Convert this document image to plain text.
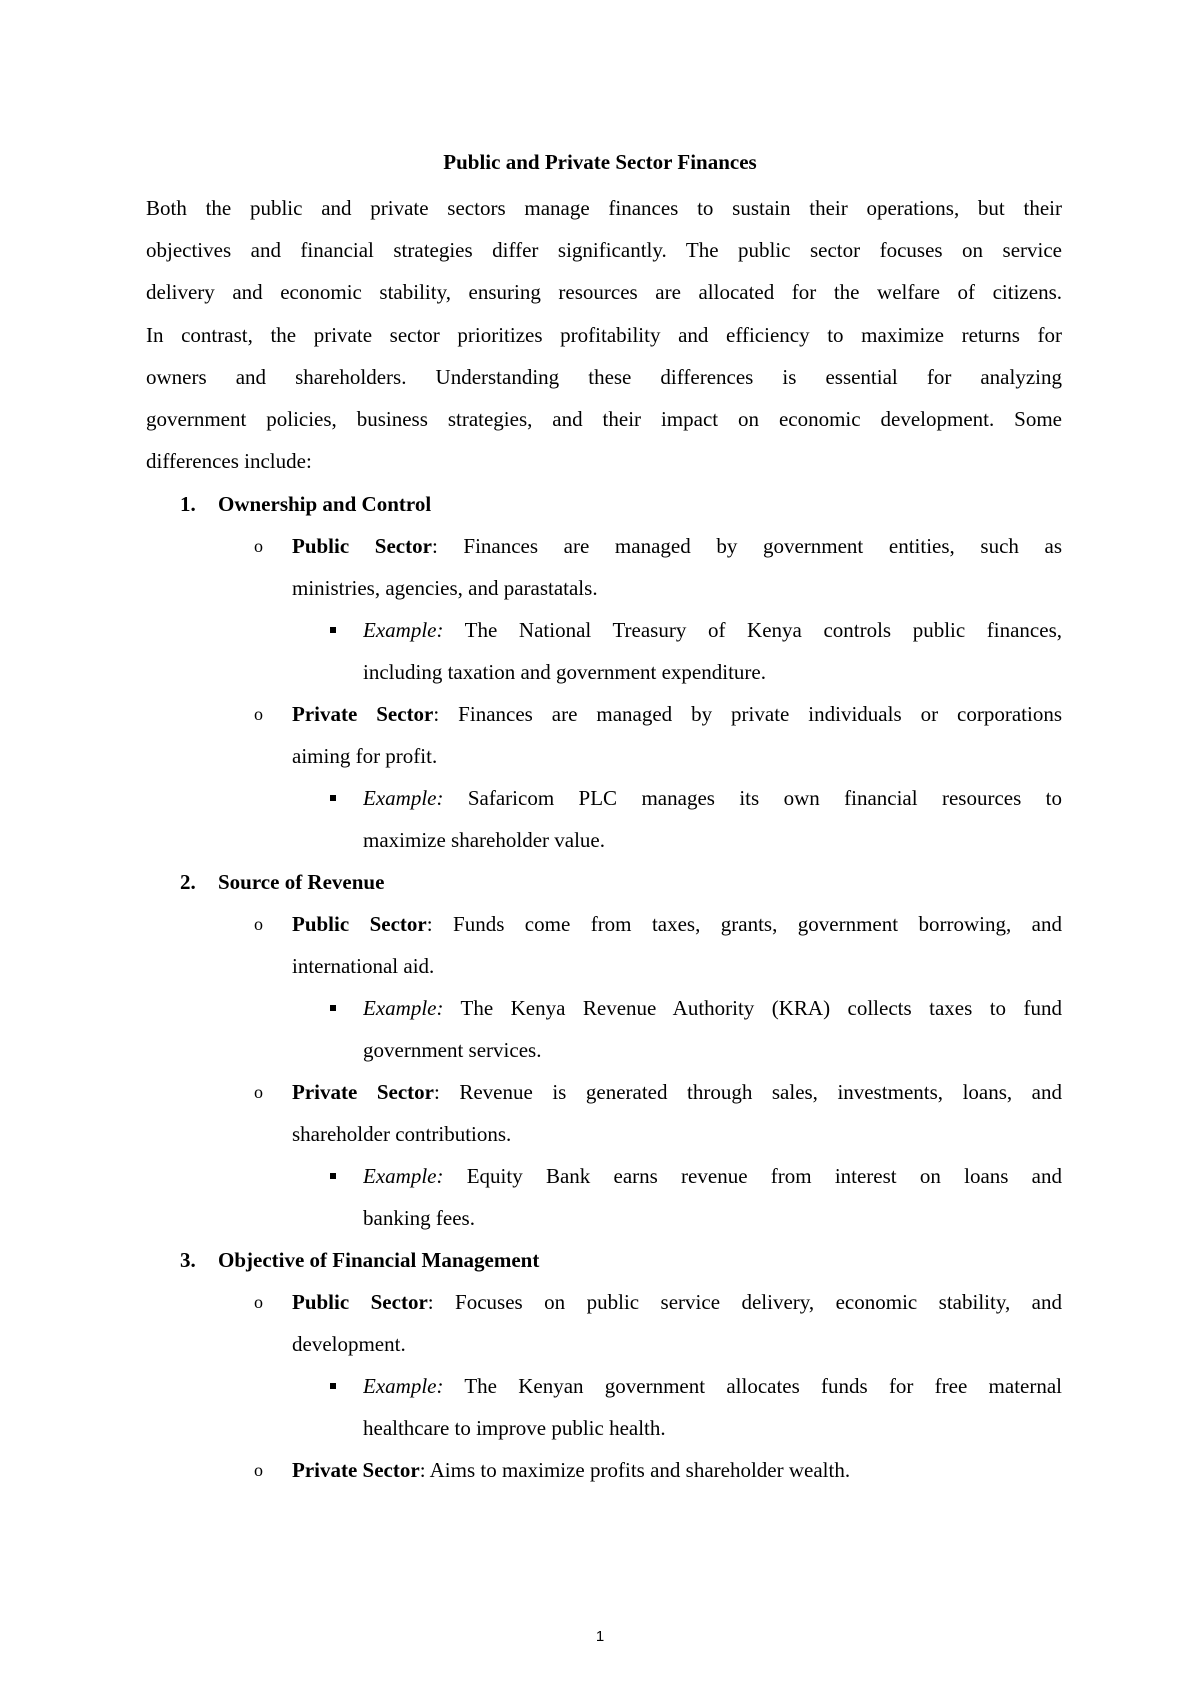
Public and Private Sector Finances
Both the public and private sectors manage finances to sustain their operations, but their
objectives and financial strategies differ significantly. The public sector focuses on service
delivery and economic stability, ensuring resources are allocated for the welfare of citizens.
In contrast, the private sector prioritizes profitability and efficiency to maximize returns for
owners and shareholders. Understanding these differences is essential for analyzing
government policies, business strategies, and their impact on economic development. Some
differences include:
1.	Ownership and Control
o Public Sector: Finances are managed by government entities, such as
ministries, agencies, and parastatals.
Example: The National Treasury of Kenya controls public finances,
including taxation and government expenditure.
o Private Sector: Finances are managed by private individuals or corporations
aiming for profit.
Example: Safaricom PLC manages its own financial resources to
maximize shareholder value.
2.	Source of Revenue
o Public Sector: Funds come from taxes, grants, government borrowing, and
international aid.
Example: The Kenya Revenue Authority (KRA) collects taxes to fund
government services.
o Private Sector: Revenue is generated through sales, investments, loans, and
shareholder contributions.
Example: Equity Bank earns revenue from interest on loans and
banking fees.
3.	Objective of Financial Management
o Public Sector: Focuses on public service delivery, economic stability, and
development.
Example: The Kenyan government allocates funds for free maternal
healthcare to improve public health.
o Private Sector: Aims to maximize profits and shareholder wealth.
1
